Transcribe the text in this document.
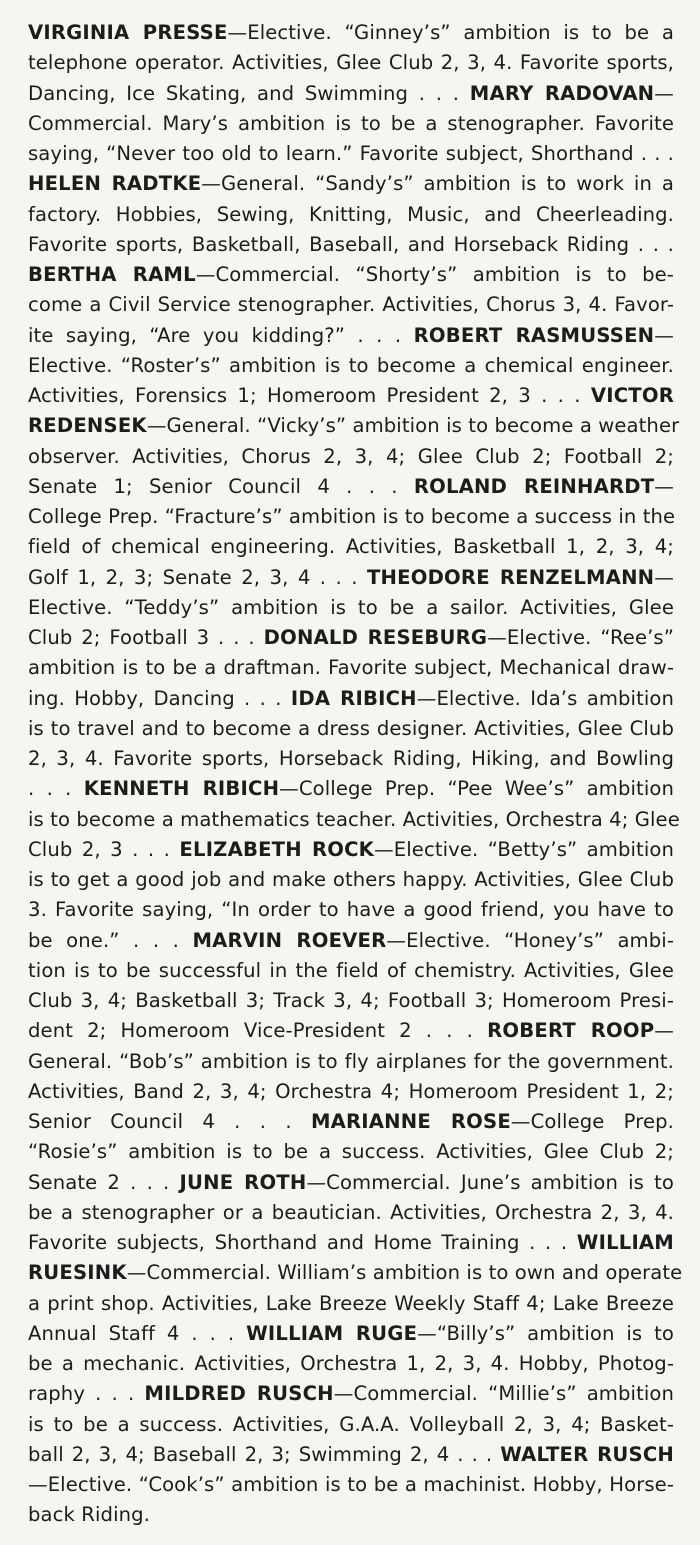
VIRGINIA PRESSE—Elective. “Ginney’s” ambition is to be a
telephone operator. Activities, Glee Club 2, 3, 4. Favorite sports,
Dancing, Ice Skating, and Swimming . . . MARY RADOVAN—
Commercial. Mary’s ambition is to be a stenographer. Favorite
saying, “Never too old to learn.” Favorite subject, Shorthand . . .
HELEN RADTKE—General. “Sandy’s” ambition is to work in a
factory. Hobbies, Sewing, Knitting, Music, and Cheerleading.
Favorite sports, Basketball, Baseball, and Horseback Riding . . .
BERTHA RAML—Commercial. “Shorty’s” ambition is to be-
come a Civil Service stenographer. Activities, Chorus 3, 4. Favor-
ite saying, “Are you kidding?” . . . ROBERT RASMUSSEN—
Elective. “Roster’s” ambition is to become a chemical engineer.
Activities, Forensics 1; Homeroom President 2, 3 . . . VICTOR
REDENSEK—General. “Vicky’s” ambition is to become a weather
observer. Activities, Chorus 2, 3, 4; Glee Club 2; Football 2;
Senate 1; Senior Council 4 . . . ROLAND REINHARDT—
College Prep. “Fracture’s” ambition is to become a success in the
field of chemical engineering. Activities, Basketball 1, 2, 3, 4;
Golf 1, 2, 3; Senate 2, 3, 4 . . . THEODORE RENZELMANN—
Elective. “Teddy’s” ambition is to be a sailor. Activities, Glee
Club 2; Football 3 . . . DONALD RESEBURG—Elective. “Ree’s”
ambition is to be a draftman. Favorite subject, Mechanical draw-
ing. Hobby, Dancing . . . IDA RIBICH—Elective. Ida’s ambition
is to travel and to become a dress designer. Activities, Glee Club
2, 3, 4. Favorite sports, Horseback Riding, Hiking, and Bowling
. . . KENNETH RIBICH—College Prep. “Pee Wee’s” ambition
is to become a mathematics teacher. Activities, Orchestra 4; Glee
Club 2, 3 . . . ELIZABETH ROCK—Elective. “Betty’s” ambition
is to get a good job and make others happy. Activities, Glee Club
3. Favorite saying, “In order to have a good friend, you have to
be one.” . . . MARVIN ROEVER—Elective. “Honey’s” ambi-
tion is to be successful in the field of chemistry. Activities, Glee
Club 3, 4; Basketball 3; Track 3, 4; Football 3; Homeroom Presi-
dent 2; Homeroom Vice-President 2 . . . ROBERT ROOP—
General. “Bob’s” ambition is to fly airplanes for the government.
Activities, Band 2, 3, 4; Orchestra 4; Homeroom President 1, 2;
Senior Council 4 . . . MARIANNE ROSE—College Prep.
“Rosie’s” ambition is to be a success. Activities, Glee Club 2;
Senate 2 . . . JUNE ROTH—Commercial. June’s ambition is to
be a stenographer or a beautician. Activities, Orchestra 2, 3, 4.
Favorite subjects, Shorthand and Home Training . . . WILLIAM
RUESINK—Commercial. William’s ambition is to own and operate
a print shop. Activities, Lake Breeze Weekly Staff 4; Lake Breeze
Annual Staff 4 . . . WILLIAM RUGE—“Billy’s” ambition is to
be a mechanic. Activities, Orchestra 1, 2, 3, 4. Hobby, Photog-
raphy . . . MILDRED RUSCH—Commercial. “Millie’s” ambition
is to be a success. Activities, G.A.A. Volleyball 2, 3, 4; Basket-
ball 2, 3, 4; Baseball 2, 3; Swimming 2, 4 . . . WALTER RUSCH
—Elective. “Cook’s” ambition is to be a machinist. Hobby, Horse-
back Riding.
